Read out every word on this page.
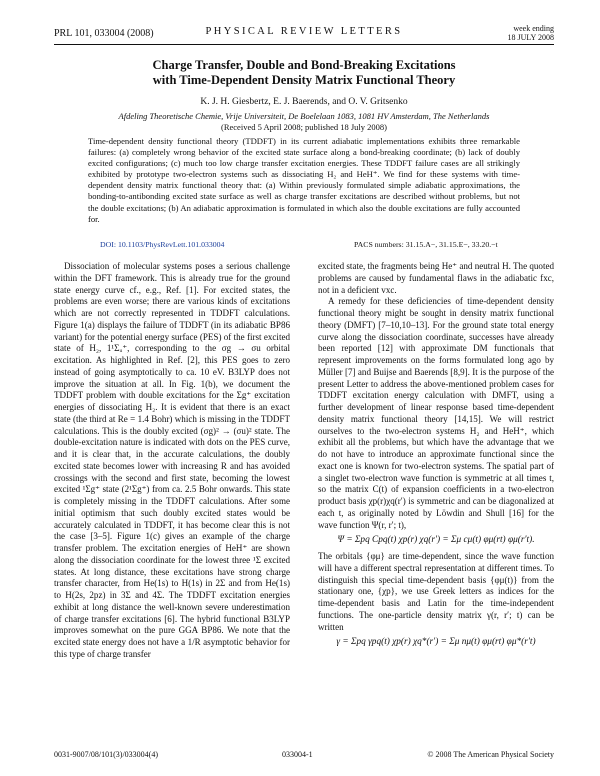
PRL 101, 033004 (2008)	PHYSICAL REVIEW LETTERS	week ending
18 JULY 2008
Charge Transfer, Double and Bond-Breaking Excitations
with Time-Dependent Density Matrix Functional Theory
K. J. H. Giesbertz, E. J. Baerends, and O. V. Gritsenko
Afdeling Theoretische Chemie, Vrije Universiteit, De Boelelaan 1083, 1081 HV Amsterdam, The Netherlands
(Received 5 April 2008; published 18 July 2008)
Time-dependent density functional theory (TDDFT) in its current adiabatic implementations exhibits three remarkable failures: (a) completely wrong behavior of the excited state surface along a bond-breaking coordinate; (b) lack of doubly excited configurations; (c) much too low charge transfer excitation energies. These TDDFT failure cases are all strikingly exhibited by prototype two-electron systems such as dissociating H₂ and HeH⁺. We find for these systems with time-dependent density matrix functional theory that: (a) Within previously formulated simple adiabatic approximations, the bonding-to-antibonding excited state surface as well as charge transfer excitations are described without problems, but not the double excitations; (b) An adiabatic approximation is formulated in which also the double excitations are fully accounted for.
DOI: 10.1103/PhysRevLett.101.033004	PACS numbers: 31.15.A−, 31.15.E−, 33.20.−t

Dissociation of molecular systems poses a serious challenge within the DFT framework. This is already true for the ground state energy curve cf., e.g., Ref. [1]. For excited states, the problems are even worse; there are various kinds of excitations which are not correctly represented in TDDFT calculations. Figure 1(a) displays the failure of TDDFT (in its adiabatic BP86 variant) for the potential energy surface (PES) of the first excited state of H₂, 1¹Σᵤ⁺, corresponding to the σg → σu orbital excitation. As highlighted in Ref. [2], this PES goes to zero instead of going asymptotically to ca. 10 eV. B3LYP does not improve the situation at all. In Fig. 1(b), we document the TDDFT problem with double excitations for the Σg⁺ excitation energies of dissociating H₂. It is evident that there is an exact state (the third at Re = 1.4 Bohr) which is missing in the TDDFT calculations. This is the doubly excited (σg)² → (σu)² state. The double-excitation nature is indicated with dots on the PES curve, and it is clear that, in the accurate calculations, the doubly excited state becomes lower with increasing R and has avoided crossings with the second and first state, becoming the lowest excited ¹Σg⁺ state (2¹Σg⁺) from ca. 2.5 Bohr onwards. This state is completely missing in the TDDFT calculations. After some initial optimism that such doubly excited states would be accurately calculated in TDDFT, it has become clear this is not the case [3–5]. Figure 1(c) gives an example of the charge transfer problem. The excitation energies of HeH⁺ are shown along the dissociation coordinate for the lowest three ¹Σ excited states. At long distance, these excitations have strong charge transfer character, from He(1s) to H(1s) in 2Σ and from He(1s) to H(2s, 2pz) in 3Σ and 4Σ. The TDDFT excitation energies exhibit at long distance the well-known severe underestimation of charge transfer excitations [6]. The hybrid functional B3LYP improves somewhat on the pure GGA BP86. We note that the excited state energy does not have a 1/R asymptotic behavior for this type of charge transfer

excited state, the fragments being He⁺ and neutral H. The quoted problems are caused by fundamental flaws in the adiabatic fxc, not in a deficient vxc.

A remedy for these deficiencies of time-dependent density functional theory might be sought in density matrix functional theory (DMFT) [7–10,10–13]. For the ground state total energy curve along the dissociation coordinate, successes have already been reported [12] with approximate DM functionals that represent improvements on the forms formulated long ago by Müller [7] and Buijse and Baerends [8,9]. It is the purpose of the present Letter to address the above-mentioned problem cases for TDDFT excitation energy calculation with DMFT, using a further development of linear response based time-dependent density matrix functional theory [14,15]. We will restrict ourselves to the two-electron systems H₂ and HeH⁺, which exhibit all the problems, but which have the advantage that we do not have to introduce an approximate functional since the exact one is known for two-electron systems. The spatial part of a singlet two-electron wave function is symmetric at all times t, so the matrix C(t) of expansion coefficients in a two-electron product basis χp(r)χq(r′) is symmetric and can be diagonalized at each t, as originally noted by Löwdin and Shull [16] for the wave function Ψ(r, r′; t),

Ψ = Σpq Cpq(t) χp(r) χq(r′) = Σμ cμ(t) φμ(rt) φμ(r′t).

The orbitals {φμ} are time-dependent, since the wave function will have a different spectral representation at different times. To distinguish this special time-dependent basis {φμ(t)} from the stationary one, {χp}, we use Greek letters as indices for the time-dependent basis and Latin for the time-independent functions. The one-particle density matrix γ(r, r′; t) can be written

γ = Σpq γpq(t) χp(r) χq*(r′) = Σμ nμ(t) φμ(rt) φμ*(r′t)
0031-9007/08/101(3)/033004(4)	033004-1	© 2008 The American Physical Society
